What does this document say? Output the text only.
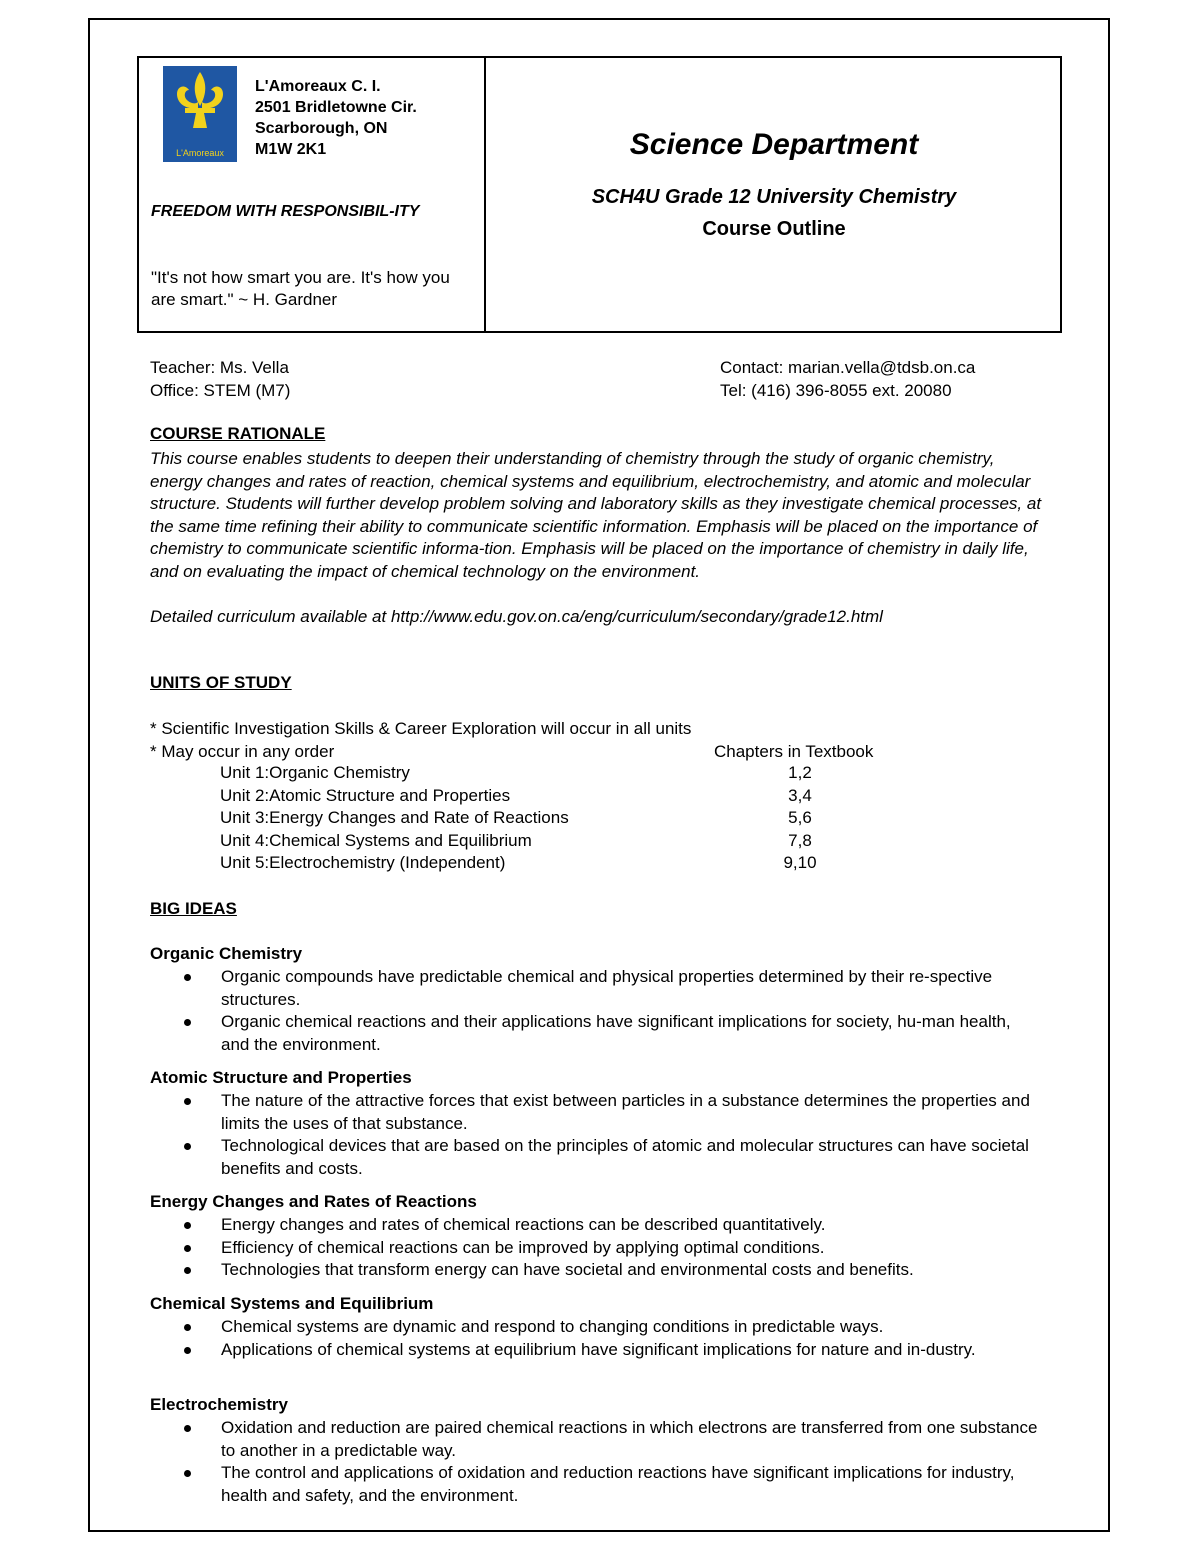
L'Amoreaux
L'Amoreaux C. I.
2501 Bridletowne Cir.
Scarborough, ON
M1W 2K1
FREEDOM WITH RESPONSIBIL-ITY
"It's not how smart you are. It's how you are smart." ~ H. Gardner
Science Department
SCH4U Grade 12 University Chemistry
Course Outline
Teacher: Ms. Vella
Office: STEM (M7)
Contact: marian.vella@tdsb.on.ca
Tel: (416) 396-8055 ext. 20080
COURSE RATIONALE

This course enables students to deepen their understanding of chemistry through the study of organic chemistry, energy changes and rates of reaction, chemical systems and equilibrium, electrochemistry, and atomic and molecular structure. Students will further develop problem solving and laboratory skills as they investigate chemical processes, at the same time refining their ability to communicate scientific information. Emphasis will be placed on the importance of chemistry to communicate scientific informa-tion. Emphasis will be placed on the importance of chemistry in daily life, and on evaluating the impact of chemical technology on the environment.

Detailed curriculum available at http://www.edu.gov.on.ca/eng/curriculum/secondary/grade12.html

UNITS OF STUDY
* Scientific Investigation Skills & Career Exploration will occur in all units
* May occur in any order	Chapters in Textbook
Unit 1:Organic Chemistry	1,2
Unit 2:Atomic Structure and Properties	3,4
Unit 3:Energy Changes and Rate of Reactions	5,6
Unit 4:Chemical Systems and Equilibrium	7,8
Unit 5:Electrochemistry (Independent)	9,10
BIG IDEAS
Organic Chemistry
Organic compounds have predictable chemical and physical properties determined by their re-spective structures.
Organic chemical reactions and their applications have significant implications for society, hu-man health, and the environment.
Atomic Structure and Properties
The nature of the attractive forces that exist between particles in a substance determines the properties and limits the uses of that substance.
Technological devices that are based on the principles of atomic and molecular structures can have societal benefits and costs.
Energy Changes and Rates of Reactions
Energy changes and rates of chemical reactions can be described quantitatively.
Efficiency of chemical reactions can be improved by applying optimal conditions.
Technologies that transform energy can have societal and environmental costs and benefits.
Chemical Systems and Equilibrium
Chemical systems are dynamic and respond to changing conditions in predictable ways.
Applications of chemical systems at equilibrium have significant implications for nature and in-dustry.
Electrochemistry
Oxidation and reduction are paired chemical reactions in which electrons are transferred from one substance to another in a predictable way.
The control and applications of oxidation and reduction reactions have significant implications for industry, health and safety, and the environment.
